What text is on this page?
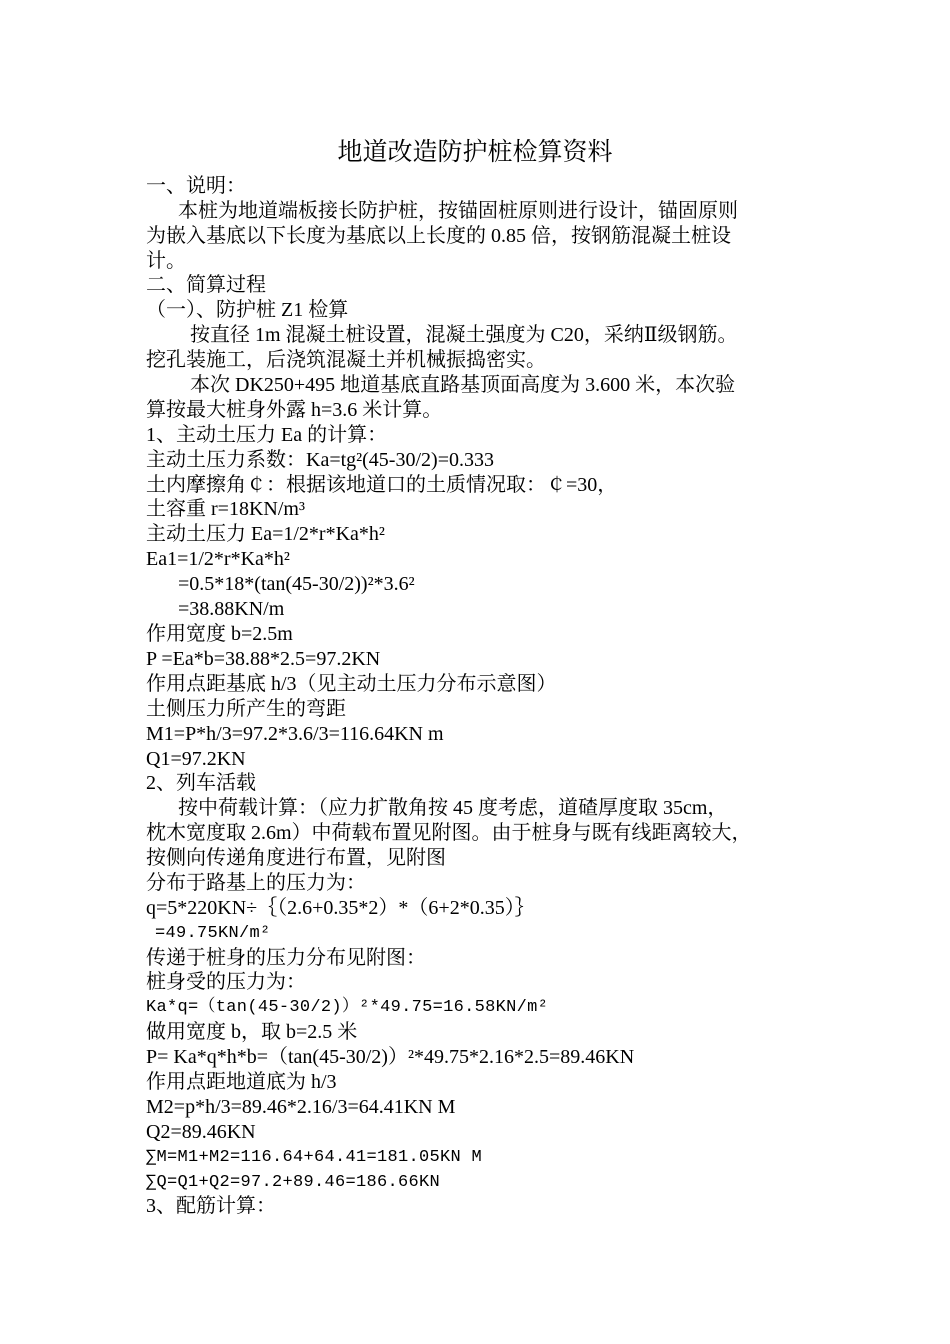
地道改造防护桩检算资料
一、说明：
本桩为地道端板接长防护桩，按锚固桩原则进行设计，锚固原则
为嵌入基底以下长度为基底以上长度的 0.85 倍，按钢筋混凝土桩设
计。
二、简算过程
（一）、防护桩 Z1 检算
按直径 1m 混凝土桩设置，混凝土强度为 C20，采纳Ⅱ级钢筋。
挖孔装施工，后浇筑混凝土并机械振捣密实。
本次 DK250+495 地道基底直路基顶面高度为 3.600 米，本次验
算按最大桩身外露 h=3.6 米计算。
1、主动土压力 Ea 的计算：
主动土压力系数：Ka=tg²(45-30/2)=0.333
土内摩擦角￠：根据该地道口的土质情况取：￠=30，
土容重 r=18KN/m³
主动土压力 Ea=1/2*r*Ka*h²
Ea1=1/2*r*Ka*h²
=0.5*18*(tan(45-30/2))²*3.6²
=38.88KN/m
作用宽度 b=2.5m
P =Ea*b=38.88*2.5=97.2KN
作用点距基底 h/3（见主动土压力分布示意图）
土侧压力所产生的弯距
M1=P*h/3=97.2*3.6/3=116.64KN m
Q1=97.2KN
2、列车活载
按中荷载计算：（应力扩散角按 45 度考虑，道碴厚度取 35cm，
枕木宽度取 2.6m）中荷载布置见附图。由于桩身与既有线距离较大，
按侧向传递角度进行布置，见附图
分布于路基上的压力为：
q=5*220KN÷｛（2.6+0.35*2）*（6+2*0.35）｝
=49.75KN/m²
传递于桩身的压力分布见附图：
桩身受的压力为：
Ka*q=（tan(45-30/2)）²*49.75=16.58KN/m²
做用宽度 b，取 b=2.5 米
P= Ka*q*h*b=（tan(45-30/2)）²*49.75*2.16*2.5=89.46KN
作用点距地道底为 h/3
M2=p*h/3=89.46*2.16/3=64.41KN M
Q2=89.46KN
∑M=M1+M2=116.64+64.41=181.05KN M
∑Q=Q1+Q2=97.2+89.46=186.66KN
3、配筋计算：
